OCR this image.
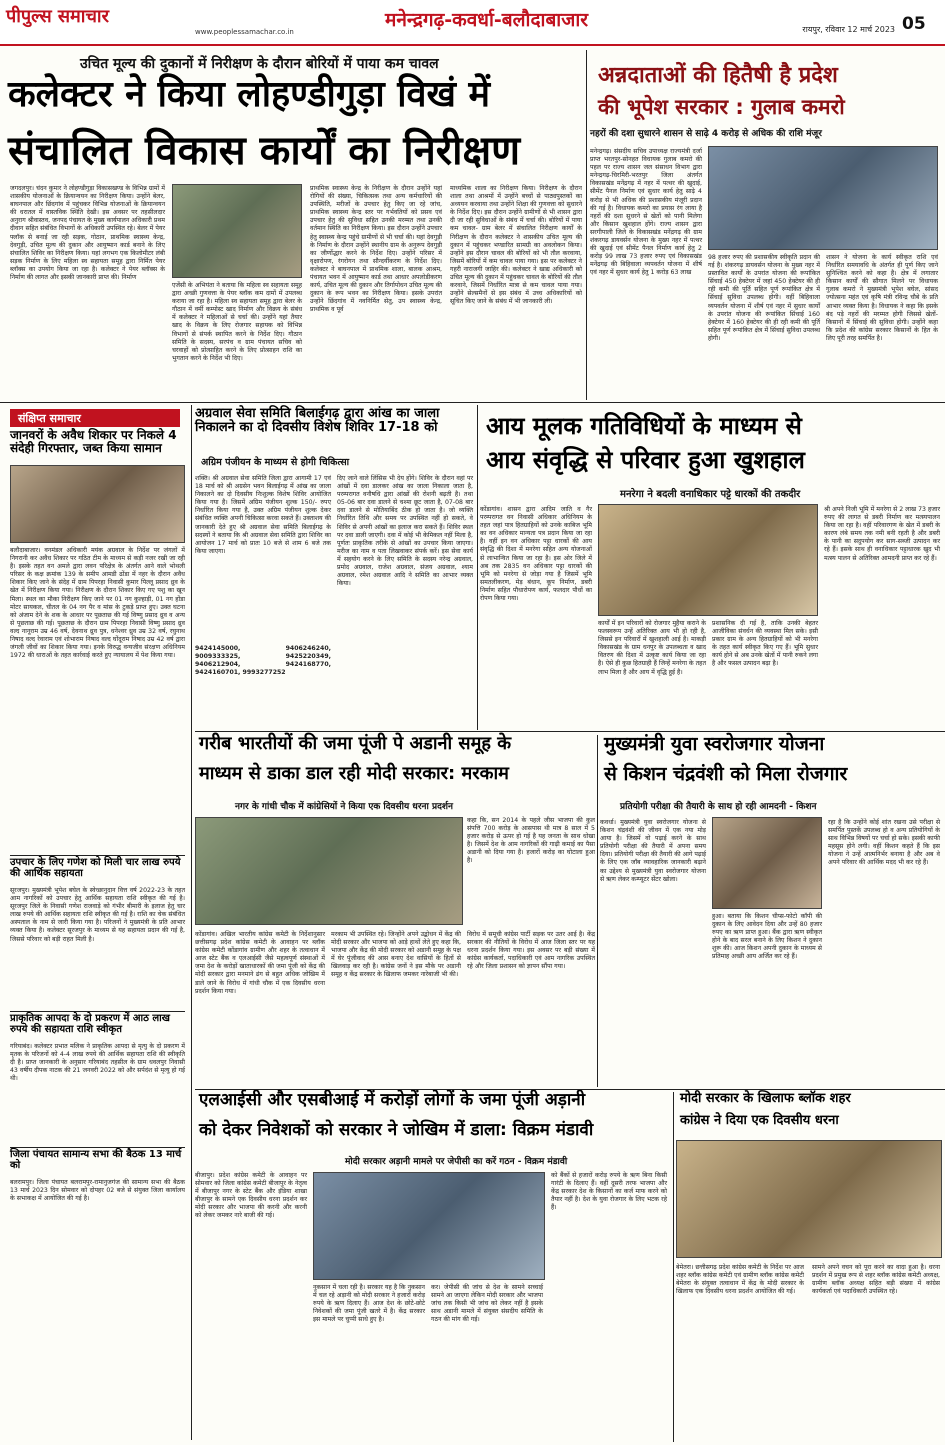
पीपुल्स समाचार
www.peoplessamachar.co.in
मनेन्द्रगढ़-कवर्धा-बलौदाबाजार	रायपुर, रविवार 12 मार्च 2023 05
उचित मूल्य की दुकानों में निरीक्षण के दौरान बोरियों में पाया कम चावल
कलेक्टर ने किया लोहण्डीगुड़ा विखं में
संचालित विकास कार्यों का निरीक्षण
जगदलपुर। चंदन कुमार ने लोहण्डीगुड़ा विकासखण्ड के विभिन्न ग्रामों में शासकीय योजनाओं के क्रियान्वयन का निरीक्षण किया। उन्होंने बेलर, बाघनपाल और छिंदगांव में पहुंचकर विभिन्न योजनाओं के क्रियान्वयन की धरातल में वास्तविक स्थिति देखी। इस अवसर पर तहसीलदार अनुराग श्रीवास्तव, जनपद पंचायत के मुख्य कार्यपालन अधिकारी प्रथम दीवान सहित संबंधित विभागों के अधिकारी उपस्थित रहे। बेलर में पेयर फ्लॉक से बनाई जा रही सड़क, गोठान, प्राथमिक स्वास्थ्य केन्द्र, देवगुड़ी, उचित मूल्य की दुकान और आयुष्मान कार्ड बनाने के लिए संचालित शिविर का निरीक्षण किया। यहां लगभग एक किलोमीटर लंबी सड़क निर्माण के लिए महिला स्व सहायता समूह द्वारा निर्मित पेयर ब्लॉक्स का उपयोग किया जा रहा है। कलेक्टर ने पेयर ब्लॉक्स के निर्माण की लागत और इसकी जानकारी प्राप्त की। निर्माण
एजेंसी के अभियंता ने बताया कि महिला स्व सहायता समूह द्वारा अच्छी गुणवत्ता के पेयर ब्लॉक कम दामों में उपलब्ध कराया जा रहा है। महिला स्व सहायता समूह द्वारा बेलर के गौठान में वर्मी कम्पोस्ट खाद निर्माण और विक्रय के संबंध में कलेक्टर ने महिलाओं से चर्चा की। उन्होंने यहां तैयार खाद के विक्रय के लिए रोजगार सहायक को विभिन्न विभागों से संपर्क स्थापित करने के निर्देश दिए। गौठान समिति के सदस्य, सरपंच व ग्राम पंचायत सचिव को चरवाहों को प्रोत्साहित करने के लिए प्रोत्साहन राशि का भुगतान करने के निर्देश भी दिए।
प्राथमिक स्वास्थ्य केन्द्र के निरीक्षण के दौरान उन्होंने यहां रोगियों की संख्या, चिकित्सक तथा अन्य कर्मचारियों की उपस्थिति, मरीजों के उपचार हेतु किए जा रहे जांच, प्राथमिक स्वास्थ्य केन्द्र स्तर पर गर्भवतियों को प्रसव एवं उपचार हेतु की सुविधा सहित उनकी मरम्मत तथा उनकी वर्तमान स्थिति का निरीक्षण किया। इस दौरान उन्होंने उपचार हेतु स्वास्थ्य केन्द्र पहुंचे ग्रामीणों से भी चर्चा की। यहां देवगुड़ी के निर्माण के दौरान उन्होंने स्थानीय ग्राम के अनुरूप देवगुड़ी का जीर्णोद्धार करने के निर्देश दिए। उन्होंने परिसर में वृक्षारोपण, रंगरोगन तथा सौन्दर्यीकरण के निर्देश दिए। कलेक्टर ने बाघनपाल में प्राथमिक शाला, बालक आश्रम, पंचायत भवन में आयुष्मान कार्ड तथा आधार अपलोडीकरण कार्य, उचित मूल्य की दुकान और तिर्गापोधन उचित मूल्य की दुकान के रूप भवन का निरीक्षण किया। इसके उपरांत उन्होंने छिंदगांव में नवनिर्मित सेतु, उप स्वास्थ्य केन्द्र, प्राथमिक व पूर्व
माध्यमिक शाला का निरीक्षण किया। निरीक्षण के दौरान शाला तथा आश्रमों में उन्होंने बच्चों से पाठ्यपुस्तकों का अध्ययन करवाया तथा उन्होंने शिक्षा की गुणवत्ता को सुधारने के निर्देश दिए। इस दौरान उन्होंने ग्रामीणों से भी शासन द्वारा दी जा रही सुविधाओं के संबंध में चर्चा की। बोरियों में पाया कम चावल- ग्राम बेलर में संचालित निरीक्षण कार्यों के निरीक्षण के दौरान कलेक्टर ने शासकीय उचित मूल्य की दुकान में पहुंचकर भण्डारित सामग्री का अवलोकन किया। उन्होंने इस दौरान चावल की बोरियों को भी तौल करवाया, जिसमें बोरियों में कम चावल पाया गया। इस पर कलेक्टर ने गहरी नाराजगी जाहिर की। कलेक्टर ने खाद्य अधिकारी को उचित मूल्य की दुकान में पहुंचकर चावल के बोरियों की तौल करवाने, जिसमें निर्धारित मात्रा से कम चावल पाया गया। उन्होंने सेल्समैनों से इस संबंध में उच्च अधिकारियों को सूचित किए जाने के संबंध में भी जानकारी ली।
अन्नदाताओं की हितैषी है प्रदेश
की भूपेश सरकार : गुलाब कमरो
नहरों की दशा सुधारने शासन से साढ़े 4 करोड़ से अधिक की राशि मंजूर
मनेन्द्रगढ़। संसदीय सचिव उपाध्यक्ष राज्यमंत्री दर्जा प्राप्त भरतपुर-सोनहत विधायक गुलाब कमरो की पहल पर राज्य शासन जल संसाधन विभाग द्वारा मनेन्द्रगढ़-चिरमिरी-भरतपुर जिला अंतर्गत विकासखंड मनेंद्रगढ़ में नहर में पत्थर की खुदाई, सीमेंट पैनल निर्माण एवं सुधार कार्य हेतु साढ़े 4 करोड़ से भी अधिक की प्रशासकीय मंजूरी प्रदान की गई है। विधायक कमरो का प्रयास रंग लाया है नहरों की दशा सुधरने से खेतों को पानी मिलेगा और किसान खुशहाल होंगे। राज्य शासन द्वारा सरगीपाली जिले के विकासखंड मनेंद्रगढ़ की ग्राम शंकरगढ़ डायवर्सन योजना के मुख्य नहर में पत्थर की खुदाई एवं सीमेंट पैनल निर्माण कार्य हेतु 2 करोड़ 99 लाख 73 हजार रुपए एवं विकासखंड मनेंद्रगढ़ की बिहिवाला व्यपवर्तन योजना में शीर्ष एवं नहर में सुधार कार्य हेतु 1 करोड़ 63 लाख
98 हजार रुपए की प्रशासकीय स्वीकृति प्रदान की गई है। शंकरगढ़ डायवर्सन योजना के मुख्य नहर में प्रस्तावित कार्यों के उपरांत योजना की रूपांकित सिंचाई 450 हेक्टेयर में जहां 450 हेक्टेयर की ही रही कमी की पूर्ति सहित पूर्ण रूपांकित क्षेत्र में सिंचाई सुविधा उपलब्ध होगी। वहीं बिहिवाला व्यपवर्तन योजना में शीर्ष एवं नहर में सुधार कार्यों के उपरांत योजना की रूपांकित सिंचाई 160 हेक्टेयर में 160 हेक्टेयर की ही रही कमी की पूर्ति सहित पूर्ण रूपांकित क्षेत्र में सिंचाई सुविधा उपलब्ध होगी।
शासन ने योजना के कार्य स्वीकृत राशि एवं निर्धारित समयावधि के अंतर्गत ही पूर्ण किए जाने सुनिश्चित करने को कहा है। क्षेत्र में लगातार किसान कार्यों की सौगात मिलने पर विधायक गुलाब कमरो ने मुख्यमंत्री भूपेश बघेल, सांसद ज्योत्सना महंत एवं कृषि मंत्री रविन्द्र चौबे के प्रति आभार व्यक्त किया है। विधायक ने कहा कि इसके बंद पड़े नहरों की मरम्मत होगी जिससे खेतों-किसानों में सिंचाई की सुविधा होगी। उन्होंने कहा कि प्रदेश की कांग्रेस सरकार किसानों के हित के लिए पूरी तरह समर्पित है।
संक्षिप्त समाचार
जानवरों के अवैध शिकार पर निकले 4 संदेही गिरफ्तार, जब्त किया सामान
बलौदाबाजार। वनमंडल अधिकारी मयंक अग्रवाल के निर्देश पर जंगलों में निगरानी कर अवैध शिकार पर गठित टीम के माध्यम से कड़ी नजर रखी जा रही है। इसके तहत वन अमले द्वारा लवन परिक्षेत्र के अंतर्गत आने वाले भोथली परिसर के कक्ष क्रमांक 139 के समीप आमडी ढोंडा में नहर के दौरान अवैध शिकार किए जाने के संदेह में ग्राम पिपरहा निवासी कुमार पिल्लू प्रसाद ध्रुव के खेत में निरीक्षण किया गया। निरीक्षण के दौरान शिकार किए गए पशु का खून मिला। स्थल का मौका निरीक्षण किए जाने पर 01 नग कुल्हाड़ी, 01 नग होंडा मोटर सायकल, चीतल के 04 नग पैर व मांस के टुकड़े प्राप्त हुए। उक्त घटना को अंजाम देने के शक के आधार पर पूछताछ की गई विष्णु प्रसाद ध्रुव व अन्य से पूछताछ की गई। पूछताछ के दौरान ग्राम पिपरहा निवासी विष्णु प्रसाद ध्रुव वल्द नानूराम उम्र 46 वर्ष, देवनाथ ध्रुव पुत्र, धनेश्वर ध्रुव उम्र 32 वर्ष, रघुनाथ निषाद वल्द रेवाराम एवं शोभाराम निषाद वल्द घोंदूराम निषाद उम्र 42 वर्ष द्वारा जंगली जीवों का शिकार किया गया। इनके विरुद्ध वन्यजीव संरक्षण अधिनियम 1972 की धाराओं के तहत कार्रवाई करते हुए न्यायालय में पेश किया गया।
उपचार के लिए गणेश को मिली चार लाख रुपये की आर्थिक सहायता
सूरजपुर। मुख्यमंत्री भूपेश बघेल के स्वेच्छानुदान वित्त वर्ष 2022-23 के तहत आम नागरिकों को उपचार हेतु आर्थिक सहायता राशि स्वीकृत की गई है। सूरजपुर जिले के निवासी गणेश राजवाड़े को गंभीर बीमारी के इलाज हेतु चार लाख रुपये की आर्थिक सहायता राशि स्वीकृत की गई है। राशि का चेक संबंधित अस्पताल के नाम से जारी किया गया है। परिजनों ने मुख्यमंत्री के प्रति आभार व्यक्त किया है। कलेक्टर सूरजपुर के माध्यम से यह सहायता प्रदान की गई है, जिससे परिवार को बड़ी राहत मिली है।
प्राकृतिक आपदा के दो प्रकरण में आठ लाख रुपये की सहायता राशि स्वीकृत
गरियाबंद। कलेक्टर प्रभात मलिक ने प्राकृतिक आपदा से मृत्यु के दो प्रकरण में मृतक के परिजनों को 4-4 लाख रुपये की आर्थिक सहायता राशि की स्वीकृति दी है। प्राप्त जानकारी के अनुसार गरियाबंद तहसील के ग्राम धवलपुर निवासी 43 वर्षीय दीपक नाटक की 21 जनवरी 2022 को और सर्पदंश से मृत्यु हो गई थी।
जिला पंचायत सामान्य सभा की बैठक 13 मार्च को
बलरामपुर। जिला पंचायत बलरामपुर-रामानुजगंज की सामान्य सभा की बैठक 13 मार्च 2023 दिन सोमवार को दोपहर 02 बजे से संयुक्त जिला कार्यालय के सभाकक्ष में आयोजित की गई है।
अग्रवाल सेवा समिति बिलाईगढ़ द्वारा आंख का जाला निकालने का दो दिवसीय विशेष शिविर 17-18 को
अग्रिम पंजीयन के माध्यम से होगी चिकित्सा
शक्ति। श्री अग्रवाल सेवा समिति जिला द्वारा आगामी 17 एवं 18 मार्च को श्री अग्रसेन भवन बिलाईगढ़ में आंख का जाला निकालने का दो दिवसीय निःशुल्क विशेष शिविर आयोजित किया गया है। जिसमें अग्रिम पंजीयन शुल्क 150/- रुपए निर्धारित किया गया है, उक्त अग्रिम पंजीयन शुल्क देकर संबंधित व्यक्ति अपनी चिकित्सा करवा सकते हैं। उक्ताशय की जानकारी देते हुए श्री अग्रवाल सेवा समिति बिलाईगढ़ के सदस्यों ने बताया कि श्री अग्रवाल सेवा समिति द्वारा शिविर का आयोजन 17 मार्च को प्रातः 10 बजे से शाम 6 बजे तक किया जाएगा।
9424145000, 9406246240, 9009333325, 9425220349, 9406212904, 9424168770, 9424160701, 9993277252
दिए जाने वाले लिंसिस भी देय होंगे। शिविर के दौरान वहां पर आंखों में दवा डालकर आंख का जाला निकाला जाता है, परम्परागत वनौषधि द्वारा आंखों की रोशनी बढ़ती है। तथा 05-06 बार दवा डालने से चश्मा छूट जाता है, 07-08 बार दवा डालने से मोतियाबिंद ठीक हो जाता है। जो व्यक्ति निर्धारित तिथि और समय पर उपस्थित नहीं हो सकते, वे शिविर से अपनी आंखों का इलाज करा सकते हैं। शिविर स्थल पर दवा डाली जाएगी। दवा में कोई भी केमिकल नहीं मिला है, पूर्णतः प्राकृतिक तरीके से आंखों का उपचार किया जाएगा। मरीज का नाम व पता लिखवाकर संपर्क करें। इस सेवा कार्य में सहयोग करने के लिए समिति के सदस्य नरेन्द्र अग्रवाल, प्रमोद अग्रवाल, राजेश अग्रवाल, संजय अग्रवाल, श्याम अग्रवाल, रमेश अग्रवाल आदि ने समिति का आभार व्यक्त किया।
आय मूलक गतिविधियों के माध्यम से
आय संवृद्धि से परिवार हुआ खुशहाल
मनरेगा ने बदली वनाधिकार पट्टे धारकों की तकदीर
कोंडागांव। शासन द्वारा आदिम जाति व गैर परम्परागत वन निवासी अधिकार अधिनियम के तहत जहां पात्र हितग्राहियों को उनके काबिज भूमि का वन अधिकार मान्यता पत्र प्रदान किया जा रहा है। वहीं इन वन अधिकार पट्टा धारकों की आय संवृद्धि की दिशा में मनरेगा सहित अन्य योजनाओं से लाभान्वित किया जा रहा है। इस ओर जिले में अब तक 2835 वन अधिकार पट्टा धारकों की भूमि को मनरेगा से जोड़ा गया है जिसमें भूमि समतलीकरण, मेड़ बंधान, कूप निर्माण, डबरी निर्माण सहित पौधारोपण कार्य, फलदार पौधों का रोपण किया गया।
कार्यों में इन परिवारों को रोजगार मुहैया कराने के फलस्वरूप उन्हें अतिरिक्त आय भी हो रही है, जिससे इन परिवारों में खुशहाली आई है। माकड़ी विकासखंड के ग्राम धनपुर के उपलब्धता व खाद वितरण की दिशा में उत्कृष्ट कार्य किया जा रहा है। ऐसे ही कुछ हितग्राही हैं जिन्हें मनरेगा के तहत लाभ मिला है और आय में वृद्धि हुई है।
प्रशासनिक दी गई है, ताकि उनकी बेहतर आजीविका संवर्धन की व्यवस्था मिल सके। इसी प्रकार ग्राम के अन्य हितग्राहियों को भी मनरेगा के तहत कार्य स्वीकृत किए गए हैं। भूमि सुधार कार्य होने से अब उनके खेतों में पानी रुकने लगा है और फसल उत्पादन बढ़ा है।
श्री अपने निजी भूमि में मनरेगा से 2 लाख 73 हजार रुपए की लागत से डबरी निर्माण कर मत्स्यपालन किया जा रहा है। वहीं परिवारगण के खेत में डबरी के कारण लंबे समय तक नमी बनी रहती है और डबरी के पानी का सदुपयोग कर साग-सब्जी उत्पादन कर रहे हैं। इसके साथ ही वनाधिकार पट्टाधारक खुद भी मत्स्य पालन से अतिरिक्त आमदनी प्राप्त कर रहे हैं।
गरीब भारतीयों की जमा पूंजी पे अडानी समूह के
माध्यम से डाका डाल रही मोदी सरकार: मरकाम
नगर के गांधी चौक में कांग्रेसियों ने किया एक दिवसीय धरना प्रदर्शन
कोंडागांव। अखिल भारतीय कांग्रेस कमेटी के निर्देशानुसार छत्तीसगढ़ प्रदेश कांग्रेस कमेटी के आवाहन पर ब्लॉक कांग्रेस कमेटी कोंडागांव ग्रामीण और शहर के तत्वाधान में आज स्टेट बैंक व एलआईसी जैसे महत्वपूर्ण संस्थाओं में जमा देश के करोड़ों खाताधारकों की जमा पूंजी को केंद्र की मोदी सरकार द्वारा मनमाने ढंग से बहुत अधिक जोखिम में डाले जाने के विरोध में गांधी चौक में एक दिवसीय धरना प्रदर्शन किया गया।
मरकाम भी उपस्थित रहे। जिन्होंने अपने उद्बोधन में केंद्र की मोदी सरकार और भाजपा को आड़े हाथों लेते हुए कहा कि, भाजपा और केंद्र की मोदी सरकार को अडानी समूह के पक्ष में घेर पूंजीवाद की आस बनाए देश वासियों के हितों से खिलवाड़ कर रही है। कांग्रेस जनों ने इस मौके पर अडानी समूह व केंद्र सरकार के खिलाफ जमकर नारेबाजी भी की।
कहा कि, सन 2014 के पहले जीस भाजपा की कुल संपत्ति 700 करोड़ के आसपास थी मात्र 8 साल में 5 हजार करोड़ से ऊपर हो गई है यह जनता के साथ धोखा है। जिसमें देश के आम नागरिकों की गाढ़ी कमाई का पैसा अडानी को दिया गया है। हजारों करोड़ का घोटाला हुआ है।
विरोध में समूची कांग्रेस पार्टी सड़क पर उतर आई है। केंद्र सरकार की नीतियों के विरोध में आज जिला स्तर पर यह धरना प्रदर्शन किया गया। इस अवसर पर बड़ी संख्या में कांग्रेस कार्यकर्ता, पदाधिकारी एवं आम नागरिक उपस्थित रहे और जिला प्रशासन को ज्ञापन सौंपा गया।
मुख्यमंत्री युवा स्वरोजगार योजना
से किशन चंद्रवंशी को मिला रोजगार
प्रतियोगी परीक्षा की तैयारी के साथ हो रही आमदनी - किशन
कवर्धा। मुख्यमंत्री युवा स्वरोजगार योजना से किशन चंद्रवंशी की जीवन में एक नया मोड़ आया है। जिसमें वो पढ़ाई करने के साथ प्रतियोगी परीक्षा की तैयारी में अपना समय दिया। प्रतियोगी परीक्षा की तैयारी की आगे पढ़ाई के लिए एक जॉब व्यावहारिक जानकारी बढ़ाने का उद्देश्य से मुख्यमंत्री युवा स्वरोजगार योजना से ऋण लेकर कम्प्यूटर सेंटर खोला।
हुआ। बताया कि किशन चीप्स-फोटो कॉपी की दुकान के लिए आवेदन दिया और उन्हें 80 हजार रुपए का ऋण प्राप्त हुआ। बैंक द्वारा ऋण स्वीकृत होने के बाद सरल बनाने के लिए किशन ने दुकान शुरू की। आज किशन अपनी दुकान के माध्यम से प्रतिमाह अच्छी आय अर्जित कर रहे हैं।
रहा है कि उन्होंने कोई शांत रखना उसे परीक्षा से समर्पित पुस्तकें उपलब्ध हो व अन्य प्रतियोगियों के साथ विभिन्न विषयों पर चर्चा हो सके। इसकी काफी महसूस होने लगी। वहीं किशन कहते हैं कि इस योजना ने उन्हें आत्मनिर्भर बनाया है और अब वे अपने परिवार की आर्थिक मदद भी कर रहे हैं।
एलआईसी और एसबीआई में करोड़ों लोगों के जमा पूंजी अड़ानी
को देकर निवेशकों को सरकार ने जोखिम में डाला: विक्रम मंडावी
मोदी सरकार अड़ानी मामले पर जेपीसी का करें गठन - विक्रम मंडावी
बीजापुर। प्रदेश कांग्रेस कमेटी के आवाहन पर सोमवार को जिला कांग्रेस कमेटी बीजापुर के नेतृत्व में बीजापुर नगर के स्टेट बैंक और इंडिया शाखा बीजापुर के सामने एक दिवसीय धरना प्रदर्शन कर मोदी सरकार और भाजपा की करनी और करनी को लेकर जमकर नारे बाजी की गई।
नुकसान में चला रही है। सरकार यह है कि नुकसान में चल रहे अड़ानी को मोदी सरकार ने हजारों करोड़ रुपये के ऋण दिलाए हैं। आज देश के छोटे-छोटे निवेशकों की जमा पूंजी खतरे में है। केंद्र सरकार इस मामले पर चुप्पी साधे हुए है।
कर। जेपीसी की जांच से देश के सामने सच्चाई सामने आ जाएगा लेकिन मोदी सरकार और भाजपा जांच तक किसी भी जांच को लेकर नहीं है इसके साथ अडानी मामले में संयुक्त संसदीय समिति के गठन की मांग की गई।
को बैंकों से हजारों करोड़ रुपये के ऋण बिना किसी गारंटी के दिलाए हैं। वहीं दूसरी तरफ भाजपा और केंद्र सरकार देश के किसानों का कर्ज माफ करने को तैयार नहीं है। देश के युवा रोजगार के लिए भटक रहे हैं।
मोदी सरकार के खिलाफ ब्लॉक शहर
कांग्रेस ने दिया एक दिवसीय धरना
बेमेतरा। छत्तीसगढ़ प्रदेश कांग्रेस कमेटी के निर्देश पर आज शहर ब्लॉक कांग्रेस कमेटी एवं ग्रामीण ब्लॉक कांग्रेस कमेटी बेमेतरा के संयुक्त तत्वाधान में केंद्र के मोदी सरकार के खिलाफ एक दिवसीय धरना प्रदर्शन आयोजित की गई।
सामने अपने वचन को पूरा करने का वादा हुआ है। धरना प्रदर्शन में प्रमुख रूप से शहर ब्लॉक कांग्रेस कमेटी अध्यक्ष, ग्रामीण ब्लॉक अध्यक्ष सहित बड़ी संख्या में कांग्रेस कार्यकर्ता एवं पदाधिकारी उपस्थित रहे।
